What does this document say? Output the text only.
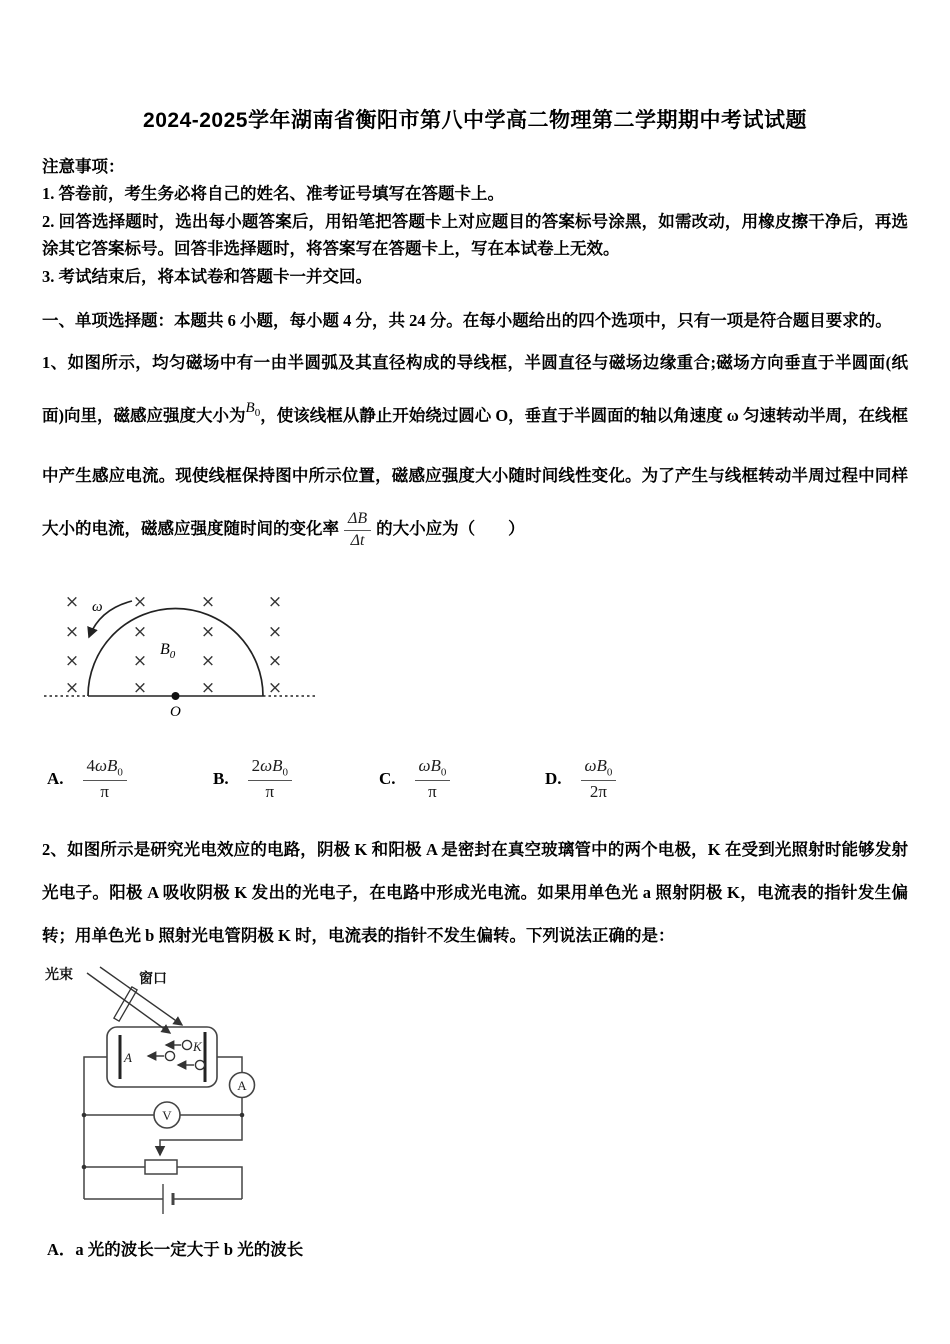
2024-2025学年湖南省衡阳市第八中学高二物理第二学期期中考试试题
注意事项：
1. 答卷前，考生务必将自己的姓名、准考证号填写在答题卡上。
2. 回答选择题时，选出每小题答案后，用铅笔把答题卡上对应题目的答案标号涂黑，如需改动，用橡皮擦干净后，再选涂其它答案标号。回答非选择题时，将答案写在答题卡上，写在本试卷上无效。
3. 考试结束后，将本试卷和答题卡一并交回。
一、单项选择题：本题共 6 小题，每小题 4 分，共 24 分。在每小题给出的四个选项中，只有一项是符合题目要求的。

1、如图所示，均匀磁场中有一由半圆弧及其直径构成的导线框，半圆直径与磁场边缘重合;磁场方向垂直于半圆面(纸面)向里，磁感应强度大小为$B_0$，使该线框从静止开始绕过圆心 O，垂直于半圆面的轴以角速度 ω 匀速转动半周，在线框中产生感应电流。现使线框保持图中所示位置，磁感应强度大小随时间线性变化。为了产生与线框转动半周过程中同样大小的电流，磁感应强度随时间的变化率 $\frac{\Delta B}{\Delta t}$ 的大小应为（　　）

×	×	×	×
×	×	×	×
×	×	×	×
×	×	×	×
ω
$B_0$
O
A. $\frac{4\omega B_0}{\pi}$	B. $\frac{2\omega B_0}{\pi}$	C. $\frac{\omega B_0}{\pi}$	D. $\frac{\omega B_0}{2\pi}$

2、如图所示是研究光电效应的电路，阴极 K 和阳极 A 是密封在真空玻璃管中的两个电极，K 在受到光照射时能够发射光电子。阳极 A 吸收阴极 K 发出的光电子，在电路中形成光电流。如果用单色光 a 照射阴极 K，电流表的指针发生偏转；用单色光 b 照射光电管阴极 K 时，电流表的指针不发生偏转。下列说法正确的是：

A
K
光束	窗口
A
V
A．a 光的波长一定大于 b 光的波长
